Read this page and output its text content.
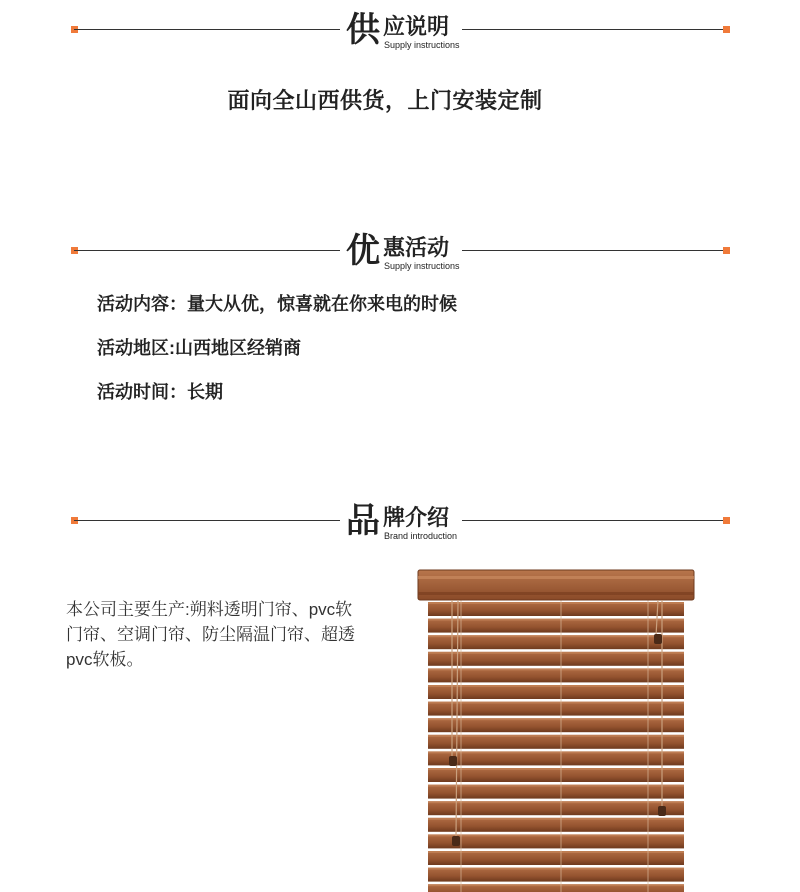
供 应说明
Supply instructions
面向全山西供货，上门安装定制
优 惠活动
Supply instructions
活动内容：量大从优，惊喜就在你来电的时候
活动地区:山西地区经销商
活动时间：长期
品 牌介绍
Brand introduction
本公司主要生产:朔料透明门帘、pvc软门帘、空调门帘、防尘隔温门帘、超透pvc软板。
